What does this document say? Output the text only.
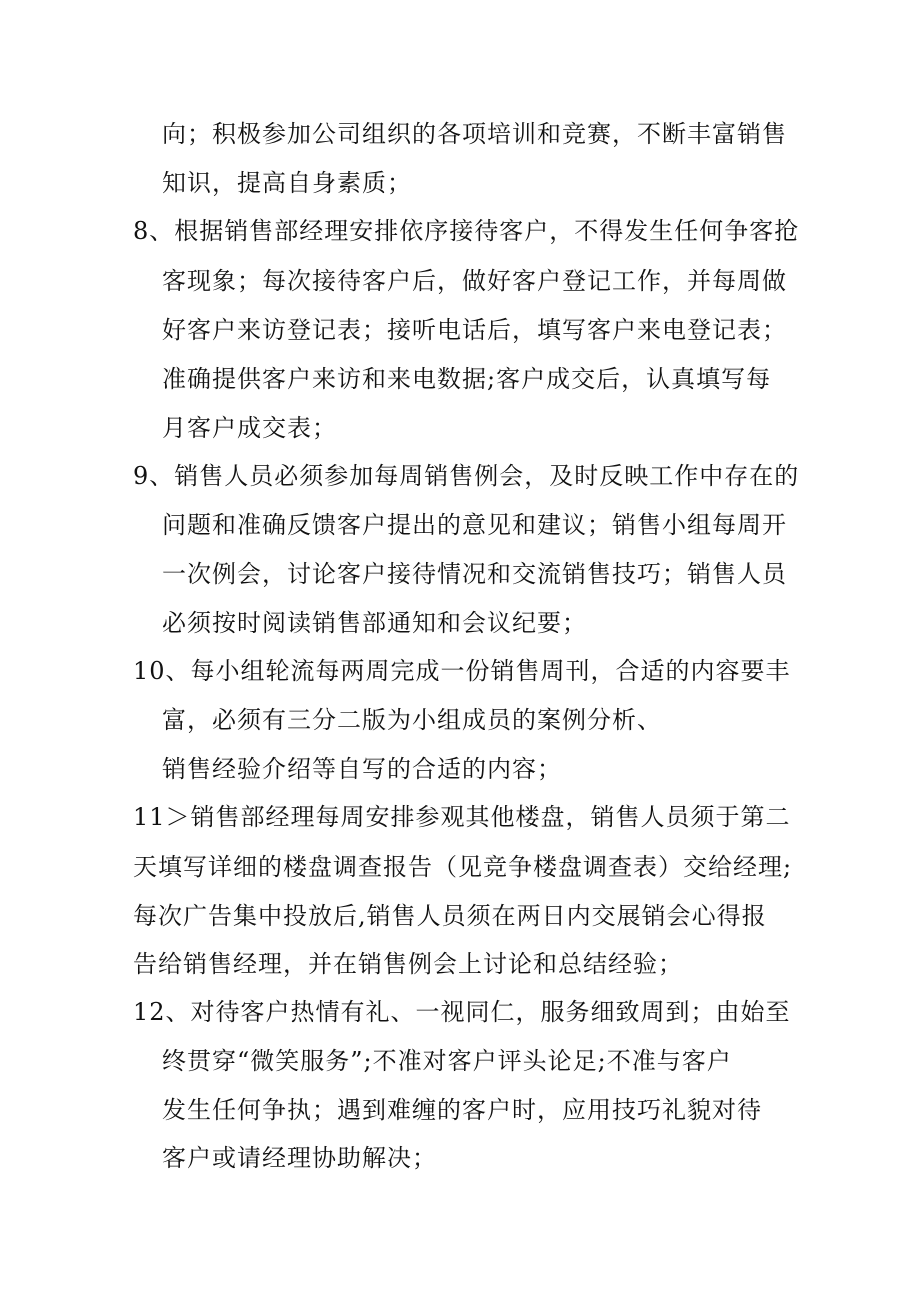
向；积极参加公司组织的各项培训和竞赛，不断丰富销售
知识，提高自身素质；
8、根据销售部经理安排依序接待客户，不得发生任何争客抢
客现象；每次接待客户后，做好客户登记工作，并每周做
好客户来访登记表；接听电话后，填写客户来电登记表；
准确提供客户来访和来电数据;客户成交后，认真填写每
月客户成交表；
9、销售人员必须参加每周销售例会，及时反映工作中存在的
问题和准确反馈客户提出的意见和建议；销售小组每周开
一次例会，讨论客户接待情况和交流销售技巧；销售人员
必须按时阅读销售部通知和会议纪要；
10、每小组轮流每两周完成一份销售周刊，合适的内容要丰
富，必须有三分二版为小组成员的案例分析、
销售经验介绍等自写的合适的内容；
11＞销售部经理每周安排参观其他楼盘，销售人员须于第二
天填写详细的楼盘调查报告（见竞争楼盘调查表）交给经理;
每次广告集中投放后,销售人员须在两日内交展销会心得报
告给销售经理，并在销售例会上讨论和总结经验；
12、对待客户热情有礼、一视同仁，服务细致周到；由始至
终贯穿“微笑服务”;不准对客户评头论足;不准与客户
发生任何争执；遇到难缠的客户时，应用技巧礼貌对待
客户或请经理协助解决；
